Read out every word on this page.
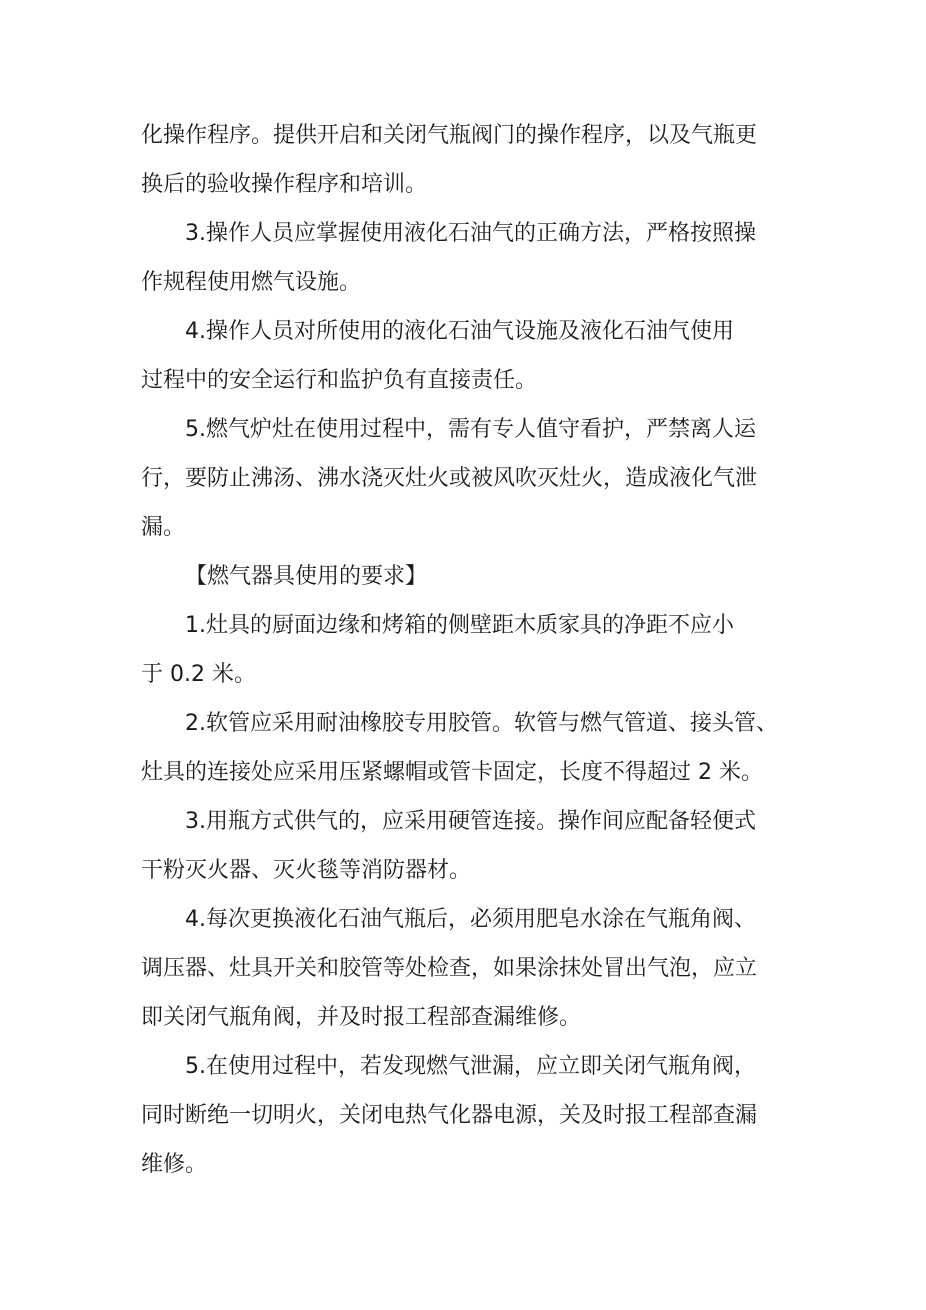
化操作程序。提供开启和关闭气瓶阀门的操作程序，以及气瓶更
换后的验收操作程序和培训。
3.操作人员应掌握使用液化石油气的正确方法，严格按照操
作规程使用燃气设施。
4.操作人员对所使用的液化石油气设施及液化石油气使用
过程中的安全运行和监护负有直接责任。
5.燃气炉灶在使用过程中，需有专人值守看护，严禁离人运
行，要防止沸汤、沸水浇灭灶火或被风吹灭灶火，造成液化气泄
漏。
【燃气器具使用的要求】
1.灶具的厨面边缘和烤箱的侧壁距木质家具的净距不应小
于 0.2 米。
2.软管应采用耐油橡胶专用胶管。软管与燃气管道、接头管、
灶具的连接处应采用压紧螺帽或管卡固定，长度不得超过 2 米。
3.用瓶方式供气的，应采用硬管连接。操作间应配备轻便式
干粉灭火器、灭火毯等消防器材。
4.每次更换液化石油气瓶后，必须用肥皂水涂在气瓶角阀、
调压器、灶具开关和胶管等处检查，如果涂抹处冒出气泡，应立
即关闭气瓶角阀，并及时报工程部查漏维修。
5.在使用过程中，若发现燃气泄漏，应立即关闭气瓶角阀，
同时断绝一切明火，关闭电热气化器电源，关及时报工程部查漏
维修。
